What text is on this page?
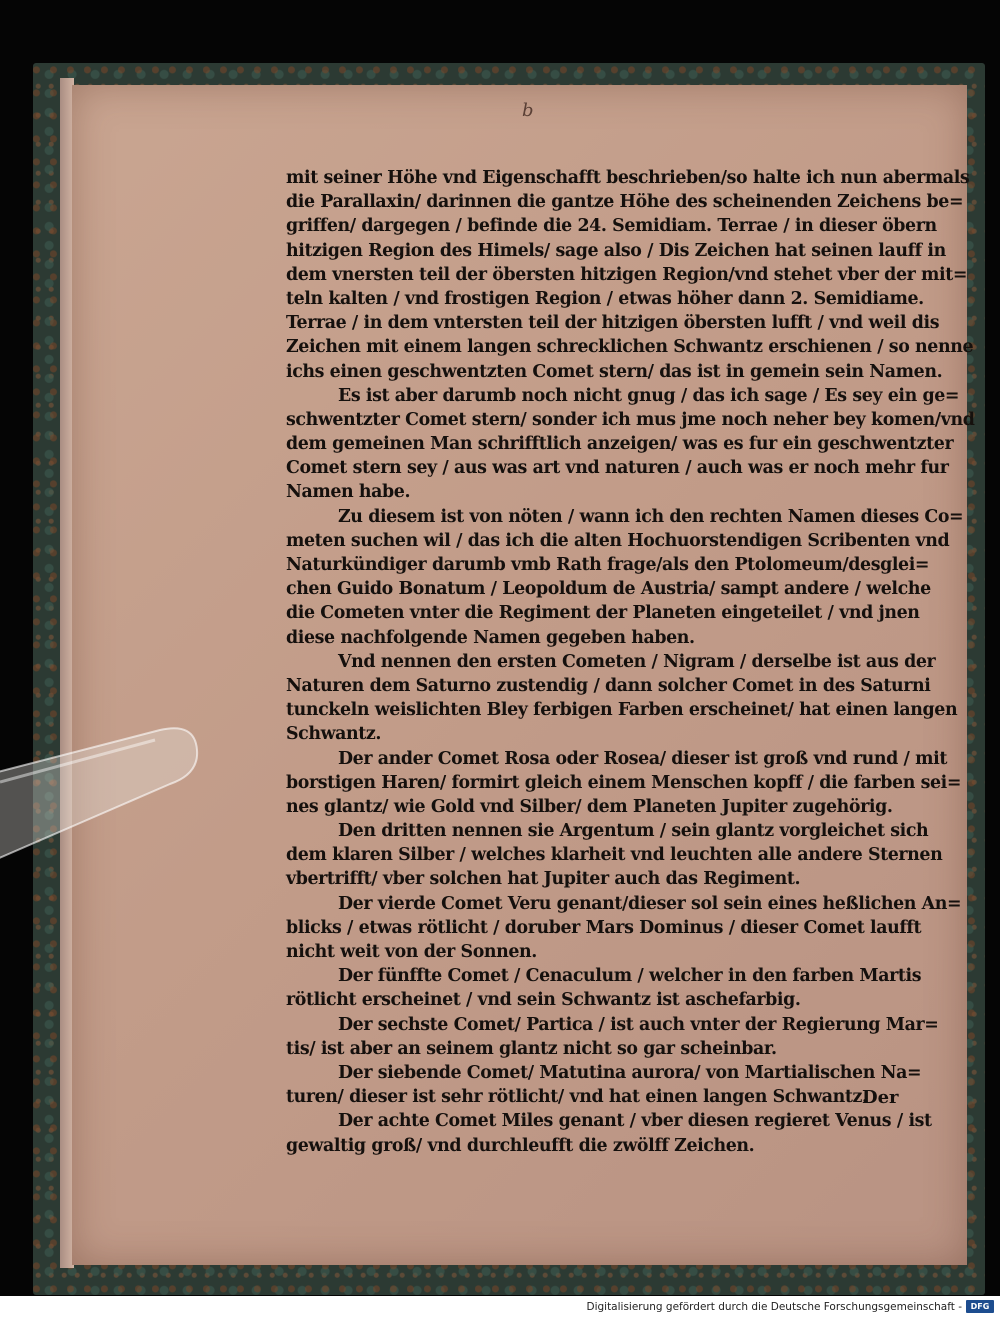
b
mit seiner Höhe vnd Eigenschafft beschrieben/so halte ich nun abermals
die Parallaxin/ darinnen die gantze Höhe des scheinenden Zeichens be=
griffen/ dargegen / befinde die 24. Semidiam. Terrae / in dieser öbern
hitzigen Region des Himels/ sage also / Dis Zeichen hat seinen lauff in
dem vnersten teil der öbersten hitzigen Region/vnd stehet vber der mit=
teln kalten / vnd frostigen Region / etwas höher dann 2. Semidiame.
Terrae / in dem vntersten teil der hitzigen öbersten lufft / vnd weil dis
Zeichen mit einem langen schrecklichen Schwantz erschienen / so nenne
ichs einen geschwentzten Comet stern/ das ist in gemein sein Namen.
Es ist aber darumb noch nicht gnug / das ich sage / Es sey ein ge=
schwentzter Comet stern/ sonder ich mus jme noch neher bey komen/vnd
dem gemeinen Man schrifftlich anzeigen/ was es fur ein geschwentzter
Comet stern sey / aus was art vnd naturen / auch was er noch mehr fur
Namen habe.
Zu diesem ist von nöten / wann ich den rechten Namen dieses Co=
meten suchen wil / das ich die alten Hochuorstendigen Scribenten vnd
Naturkündiger darumb vmb Rath frage/als den Ptolomeum/desglei=
chen Guido Bonatum / Leopoldum de Austria/ sampt andere / welche
die Cometen vnter die Regiment der Planeten eingeteilet / vnd jnen
diese nachfolgende Namen gegeben haben.
Vnd nennen den ersten Cometen / Nigram / derselbe ist aus der
Naturen dem Saturno zustendig / dann solcher Comet in des Saturni
tunckeln weislichten Bley ferbigen Farben erscheinet/ hat einen langen
Schwantz.
Der ander Comet Rosa oder Rosea/ dieser ist groß vnd rund / mit
borstigen Haren/ formirt gleich einem Menschen kopff / die farben sei=
nes glantz/ wie Gold vnd Silber/ dem Planeten Jupiter zugehörig.
Den dritten nennen sie Argentum / sein glantz vorgleichet sich
dem klaren Silber / welches klarheit vnd leuchten alle andere Sternen
vbertrifft/ vber solchen hat Jupiter auch das Regiment.
Der vierde Comet Veru genant/dieser sol sein eines heßlichen An=
blicks / etwas rötlicht / doruber Mars Dominus / dieser Comet laufft
nicht weit von der Sonnen.
Der fünffte Comet / Cenaculum / welcher in den farben Martis
rötlicht erscheinet / vnd sein Schwantz ist aschefarbig.
Der sechste Comet/ Partica / ist auch vnter der Regierung Mar=
tis/ ist aber an seinem glantz nicht so gar scheinbar.
Der siebende Comet/ Matutina aurora/ von Martialischen Na=
turen/ dieser ist sehr rötlicht/ vnd hat einen langen Schwantz.
Der achte Comet Miles genant / vber diesen regieret Venus / ist
gewaltig groß/ vnd durchleufft die zwölff Zeichen.
Der
Digitalisierung gefördert durch die Deutsche Forschungsgemeinschaft -	DFG
